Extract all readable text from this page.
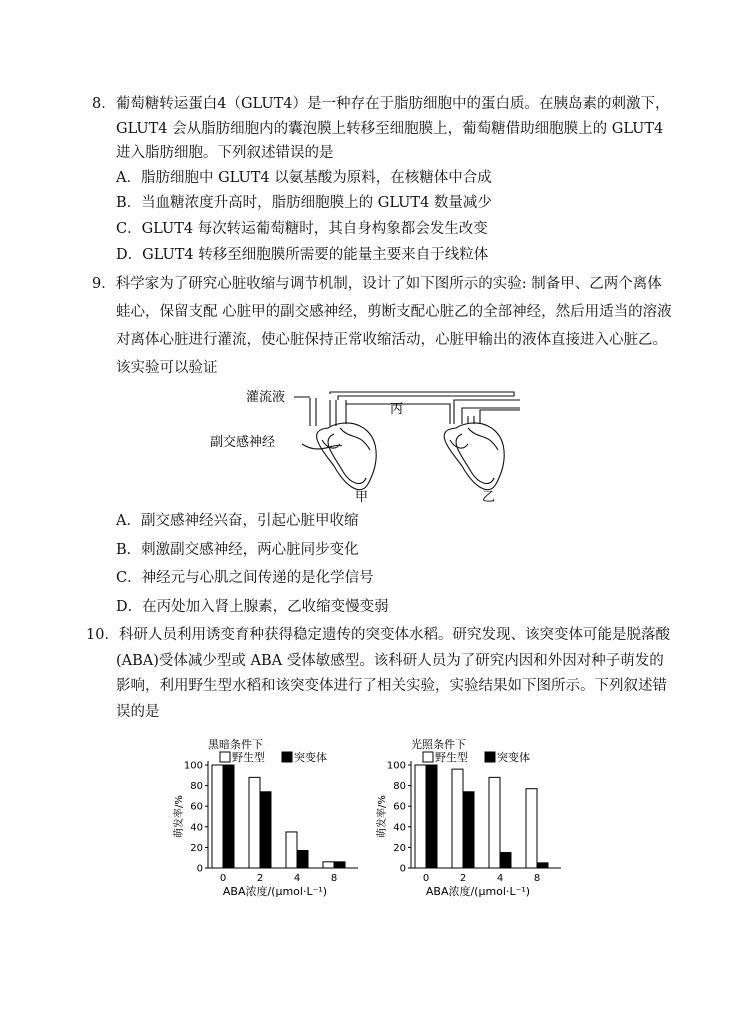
8．葡萄糖转运蛋白4（GLUT4）是一种存在于脂肪细胞中的蛋白质。在胰岛素的刺激下，GLUT4 会从脂肪细胞内的囊泡膜上转移至细胞膜上，葡萄糖借助细胞膜上的 GLUT4 进入脂肪细胞。下列叙述错误的是

A．脂肪细胞中 GLUT4 以氨基酸为原料，在核糖体中合成

B．当血糖浓度升高时，脂肪细胞膜上的 GLUT4 数量减少

C．GLUT4 每次转运葡萄糖时，其自身构象都会发生改变

D．GLUT4 转移至细胞膜所需要的能量主要来自于线粒体

9．科学家为了研究心脏收缩与调节机制，设计了如下图所示的实验: 制备甲、乙两个离体蛙心，保留支配 心脏甲的副交感神经，剪断支配心脏乙的全部神经，然后用适当的溶液对离体心脏进行灌流，使心脏保持正常收缩活动，心脏甲输出的液体直接进入心脏乙。该实验可以验证

灌流液
副交感神经
丙
甲	乙

A．副交感神经兴奋，引起心脏甲收缩

B．刺激副交感神经，两心脏同步变化

C．神经元与心肌之间传递的是化学信号

D．在丙处加入肾上腺素，乙收缩变慢变弱

10．科研人员利用诱变育种获得稳定遗传的突变体水稻。研究发现、该突变体可能是脱落酸(ABA)受体减少型或 ABA 受体敏感型。该科研人员为了研究内因和外因对种子萌发的影响，利用野生型水稻和该突变体进行了相关实验，实验结果如下图所示。下列叙述错误的是

黑暗条件下
野生型	突变体
0
20
40
60
80
100
萌发率/%
0	2	4	8
ABA浓度/(μmol·L⁻¹)
光照条件下
野生型	突变体
0
20
40
60
80
100
萌发率/%
0	2	4	8
ABA浓度/(μmol·L⁻¹)
